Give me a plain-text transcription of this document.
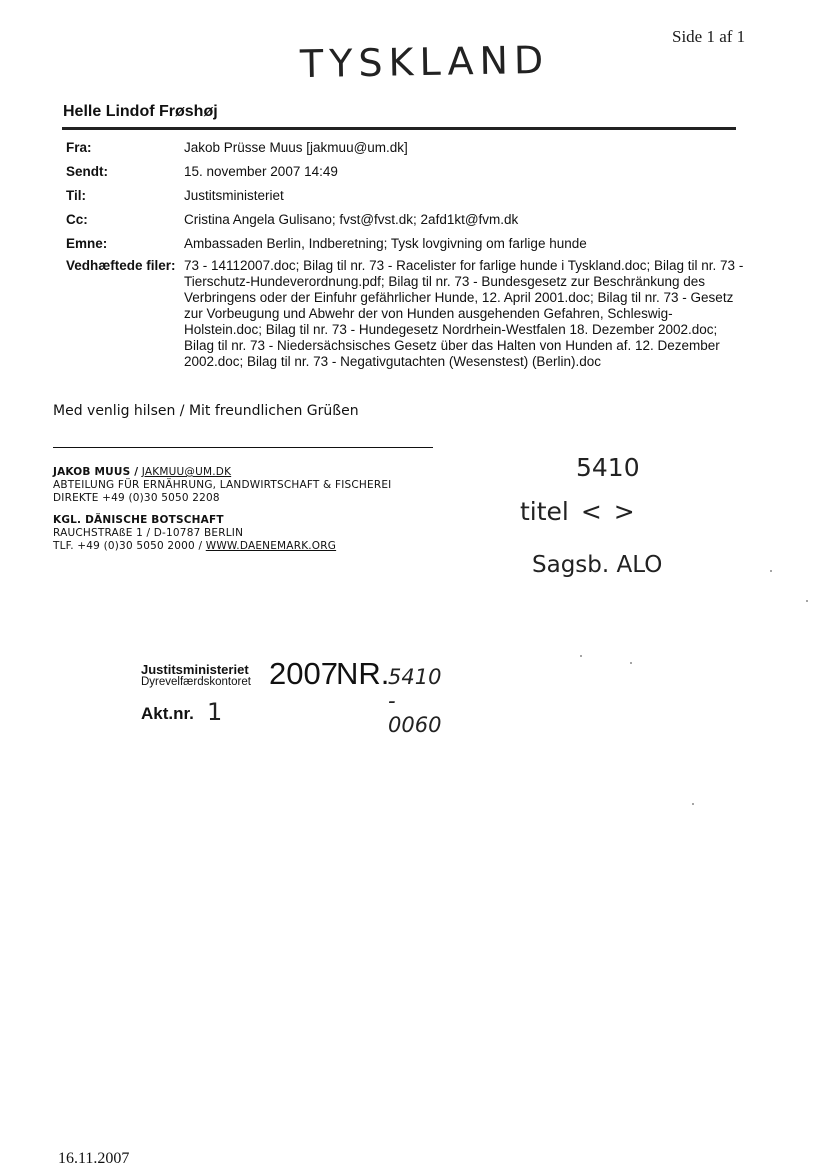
Side 1 af 1
TYSKLAND
Helle Lindof Frøshøj
Fra:	Jakob Prüsse Muus [jakmuu@um.dk]
Sendt:	15. november 2007 14:49
Til:	Justitsministeriet
Cc:	Cristina Angela Gulisano; fvst@fvst.dk; 2afd1kt@fvm.dk
Emne:	Ambassaden Berlin, Indberetning; Tysk lovgivning om farlige hunde
Vedhæftede filer: 73 - 14112007.doc; Bilag til nr. 73 - Racelister for farlige hunde i Tyskland.doc; Bilag til nr. 73 - Tierschutz-Hundeverordnung.pdf; Bilag til nr. 73 - Bundesgesetz zur Beschränkung des Verbringens oder der Einfuhr gefährlicher Hunde, 12. April 2001.doc; Bilag til nr. 73 - Gesetz zur Vorbeugung und Abwehr der von Hunden ausgehenden Gefahren, Schleswig-Holstein.doc; Bilag til nr. 73 - Hundegesetz Nordrhein-Westfalen 18. Dezember 2002.doc; Bilag til nr. 73 - Niedersächsisches Gesetz über das Halten von Hunden af. 12. Dezember 2002.doc; Bilag til nr. 73 - Negativgutachten (Wesenstest) (Berlin).doc
Med venlig hilsen / Mit freundlichen Grüßen
JAKOB MUUS / JAKMUU@UM.DK
ABTEILUNG FÜR ERNÄHRUNG, LANDWIRTSCHAFT & FISCHEREI
DIREKTE +49 (0)30 5050 2208
KGL. DÄNISCHE BOTSCHAFT
RAUCHSTRAßE 1 / D-10787 BERLIN
TLF. +49 (0)30 5050 2000 / WWW.DAENEMARK.ORG
5410
titel < >
Sagsb. ALO
Justitsministeriet
Dyrevelfærdskontoret 2007
NR.
5410 - 0060
Akt.nr. 1
16.11.2007
